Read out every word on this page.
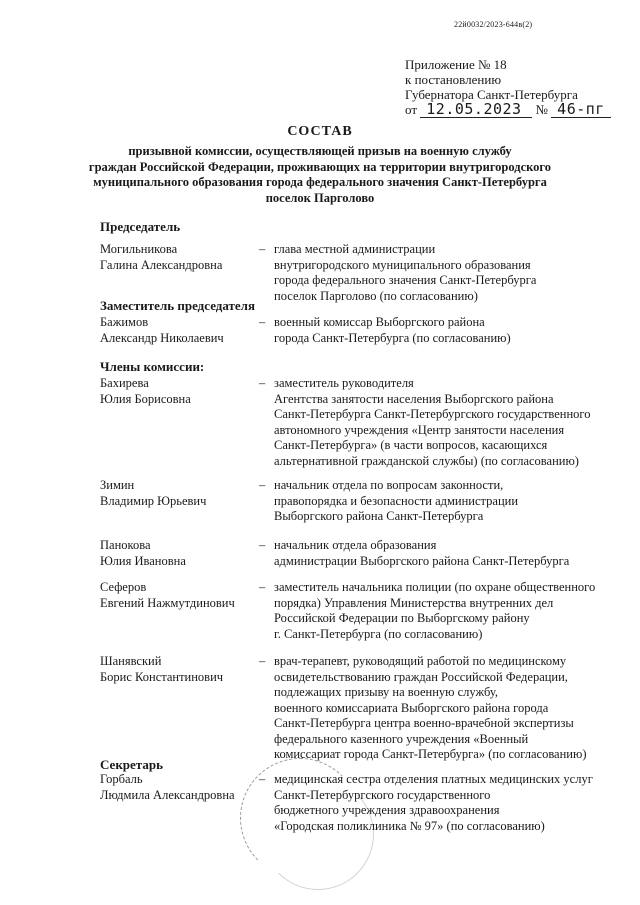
22й0032/2023-644в(2)
Приложение № 18
к постановлению
Губернатора Санкт-Петербурга
от 12.05.2023 № 46-пг
СОСТАВ
призывной комиссии, осуществляющей призыв на военную службу
граждан Российской Федерации, проживающих на территории внутригородского
муниципального образования города федерального значения Санкт-Петербурга
поселок Парголово
Председатель
Заместитель председателя
Члены комиссии:
Секретарь
Могильникова
Галина Александровна
– глава местной администрации
внутригородского муниципального образования
города федерального значения Санкт-Петербурга
поселок Парголово (по согласованию)
Бажимов
Александр Николаевич
– военный комиссар Выборгского района
города Санкт-Петербурга (по согласованию)
Бахирева
Юлия Борисовна
– заместитель руководителя
Агентства занятости населения Выборгского района
Санкт-Петербурга Санкт-Петербургского государственного
автономного учреждения «Центр занятости населения
Санкт-Петербурга» (в части вопросов, касающихся
альтернативной гражданской службы) (по согласованию)
Зимин
Владимир Юрьевич
– начальник отдела по вопросам законности,
правопорядка и безопасности администрации
Выборгского района Санкт-Петербурга
Панокова
Юлия Ивановна
– начальник отдела образования
администрации Выборгского района Санкт-Петербурга
Сеферов
Евгений Нажмутдинович
– заместитель начальника полиции (по охране общественного
порядка) Управления Министерства внутренних дел
Российской Федерации по Выборгскому району
г. Санкт-Петербурга (по согласованию)
Шанявский
Борис Константинович
– врач-терапевт, руководящий работой по медицинскому
освидетельствованию граждан Российской Федерации,
подлежащих призыву на военную службу,
военного комиссариата Выборгского района города
Санкт-Петербурга центра военно-врачебной экспертизы
федерального казенного учреждения «Военный
комиссариат города Санкт-Петербурга» (по согласованию)
Горбаль
Людмила Александровна
– медицинская сестра отделения платных медицинских услуг
Санкт-Петербургского государственного
бюджетного учреждения здравоохранения
«Городская поликлиника № 97» (по согласованию)
